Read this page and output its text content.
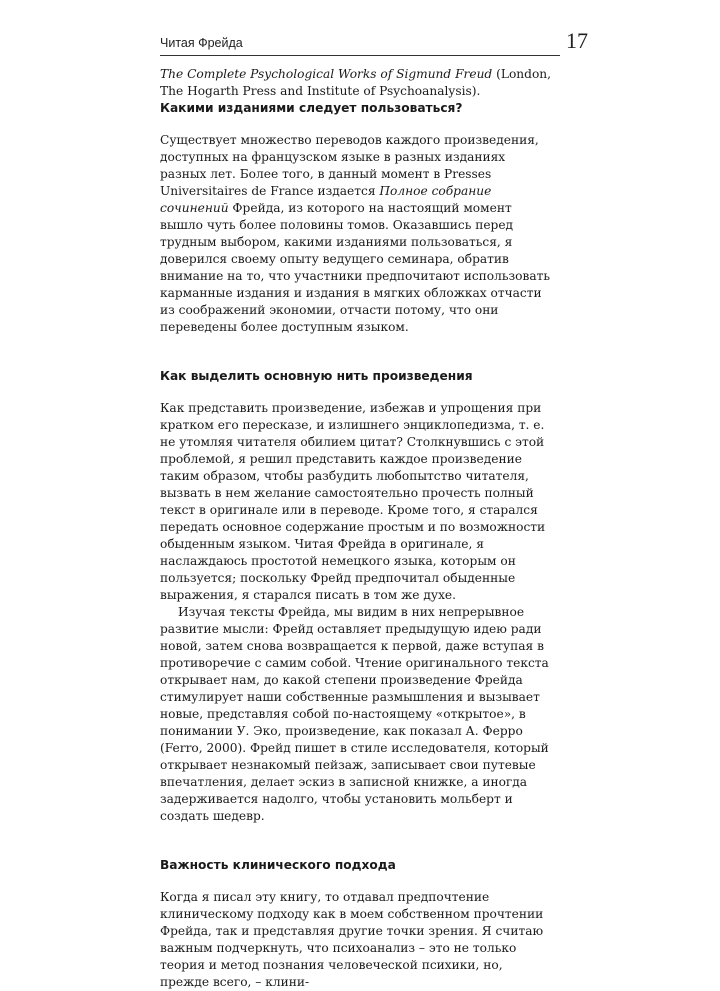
Читая Фрейда	17

The Complete Psychological Works of Sigmund Freud (London, The Hogarth Press and Institute of Psychoanalysis).

Какими изданиями следует пользоваться?

Существует множество переводов каждого произведения, доступных на французском языке в разных изданиях разных лет. Более того, в данный момент в Presses Universitaires de France издается Полное собрание сочинений Фрейда, из которого на настоящий момент вышло чуть более половины томов. Оказавшись перед трудным выбором, какими изданиями пользоваться, я доверился своему опыту ведущего семинара, обратив внимание на то, что участники предпочитают использовать карманные издания и издания в мягких обложках отчасти из соображений экономии, отчасти потому, что они переведены более доступным языком.

Как выделить основную нить произведения

Как представить произведение, избежав и упрощения при кратком его пересказе, и излишнего энциклопедизма, т. е. не утомляя читателя обилием цитат? Столкнувшись с этой проблемой, я решил представить каждое произведение таким образом, чтобы разбудить любопытство читателя, вызвать в нем желание самостоятельно прочесть полный текст в оригинале или в переводе. Кроме того, я старался передать основное содержание простым и по возможности обыденным языком. Читая Фрейда в оригинале, я наслаждаюсь простотой немецкого языка, которым он пользуется; поскольку Фрейд предпочитал обыденные выражения, я старался писать в том же духе.

Изучая тексты Фрейда, мы видим в них непрерывное развитие мысли: Фрейд оставляет предыдущую идею ради новой, затем снова возвращается к первой, даже вступая в противоречие с самим собой. Чтение оригинального текста открывает нам, до какой степени произведение Фрейда стимулирует наши собственные размышления и вызывает новые, представляя собой по-настоящему «открытое», в понимании У. Эко, произведение, как показал А. Ферро (Ferro, 2000). Фрейд пишет в стиле исследователя, который открывает незнакомый пейзаж, записывает свои путевые впечатления, делает эскиз в записной книжке, а иногда задерживается надолго, чтобы установить мольберт и создать шедевр.

Важность клинического подхода

Когда я писал эту книгу, то отдавал предпочтение клиническому подходу как в моем собственном прочтении Фрейда, так и представляя другие точки зрения. Я считаю важным подчеркнуть, что психоанализ – это не только теория и метод познания человеческой психики, но, прежде всего, – клини-
